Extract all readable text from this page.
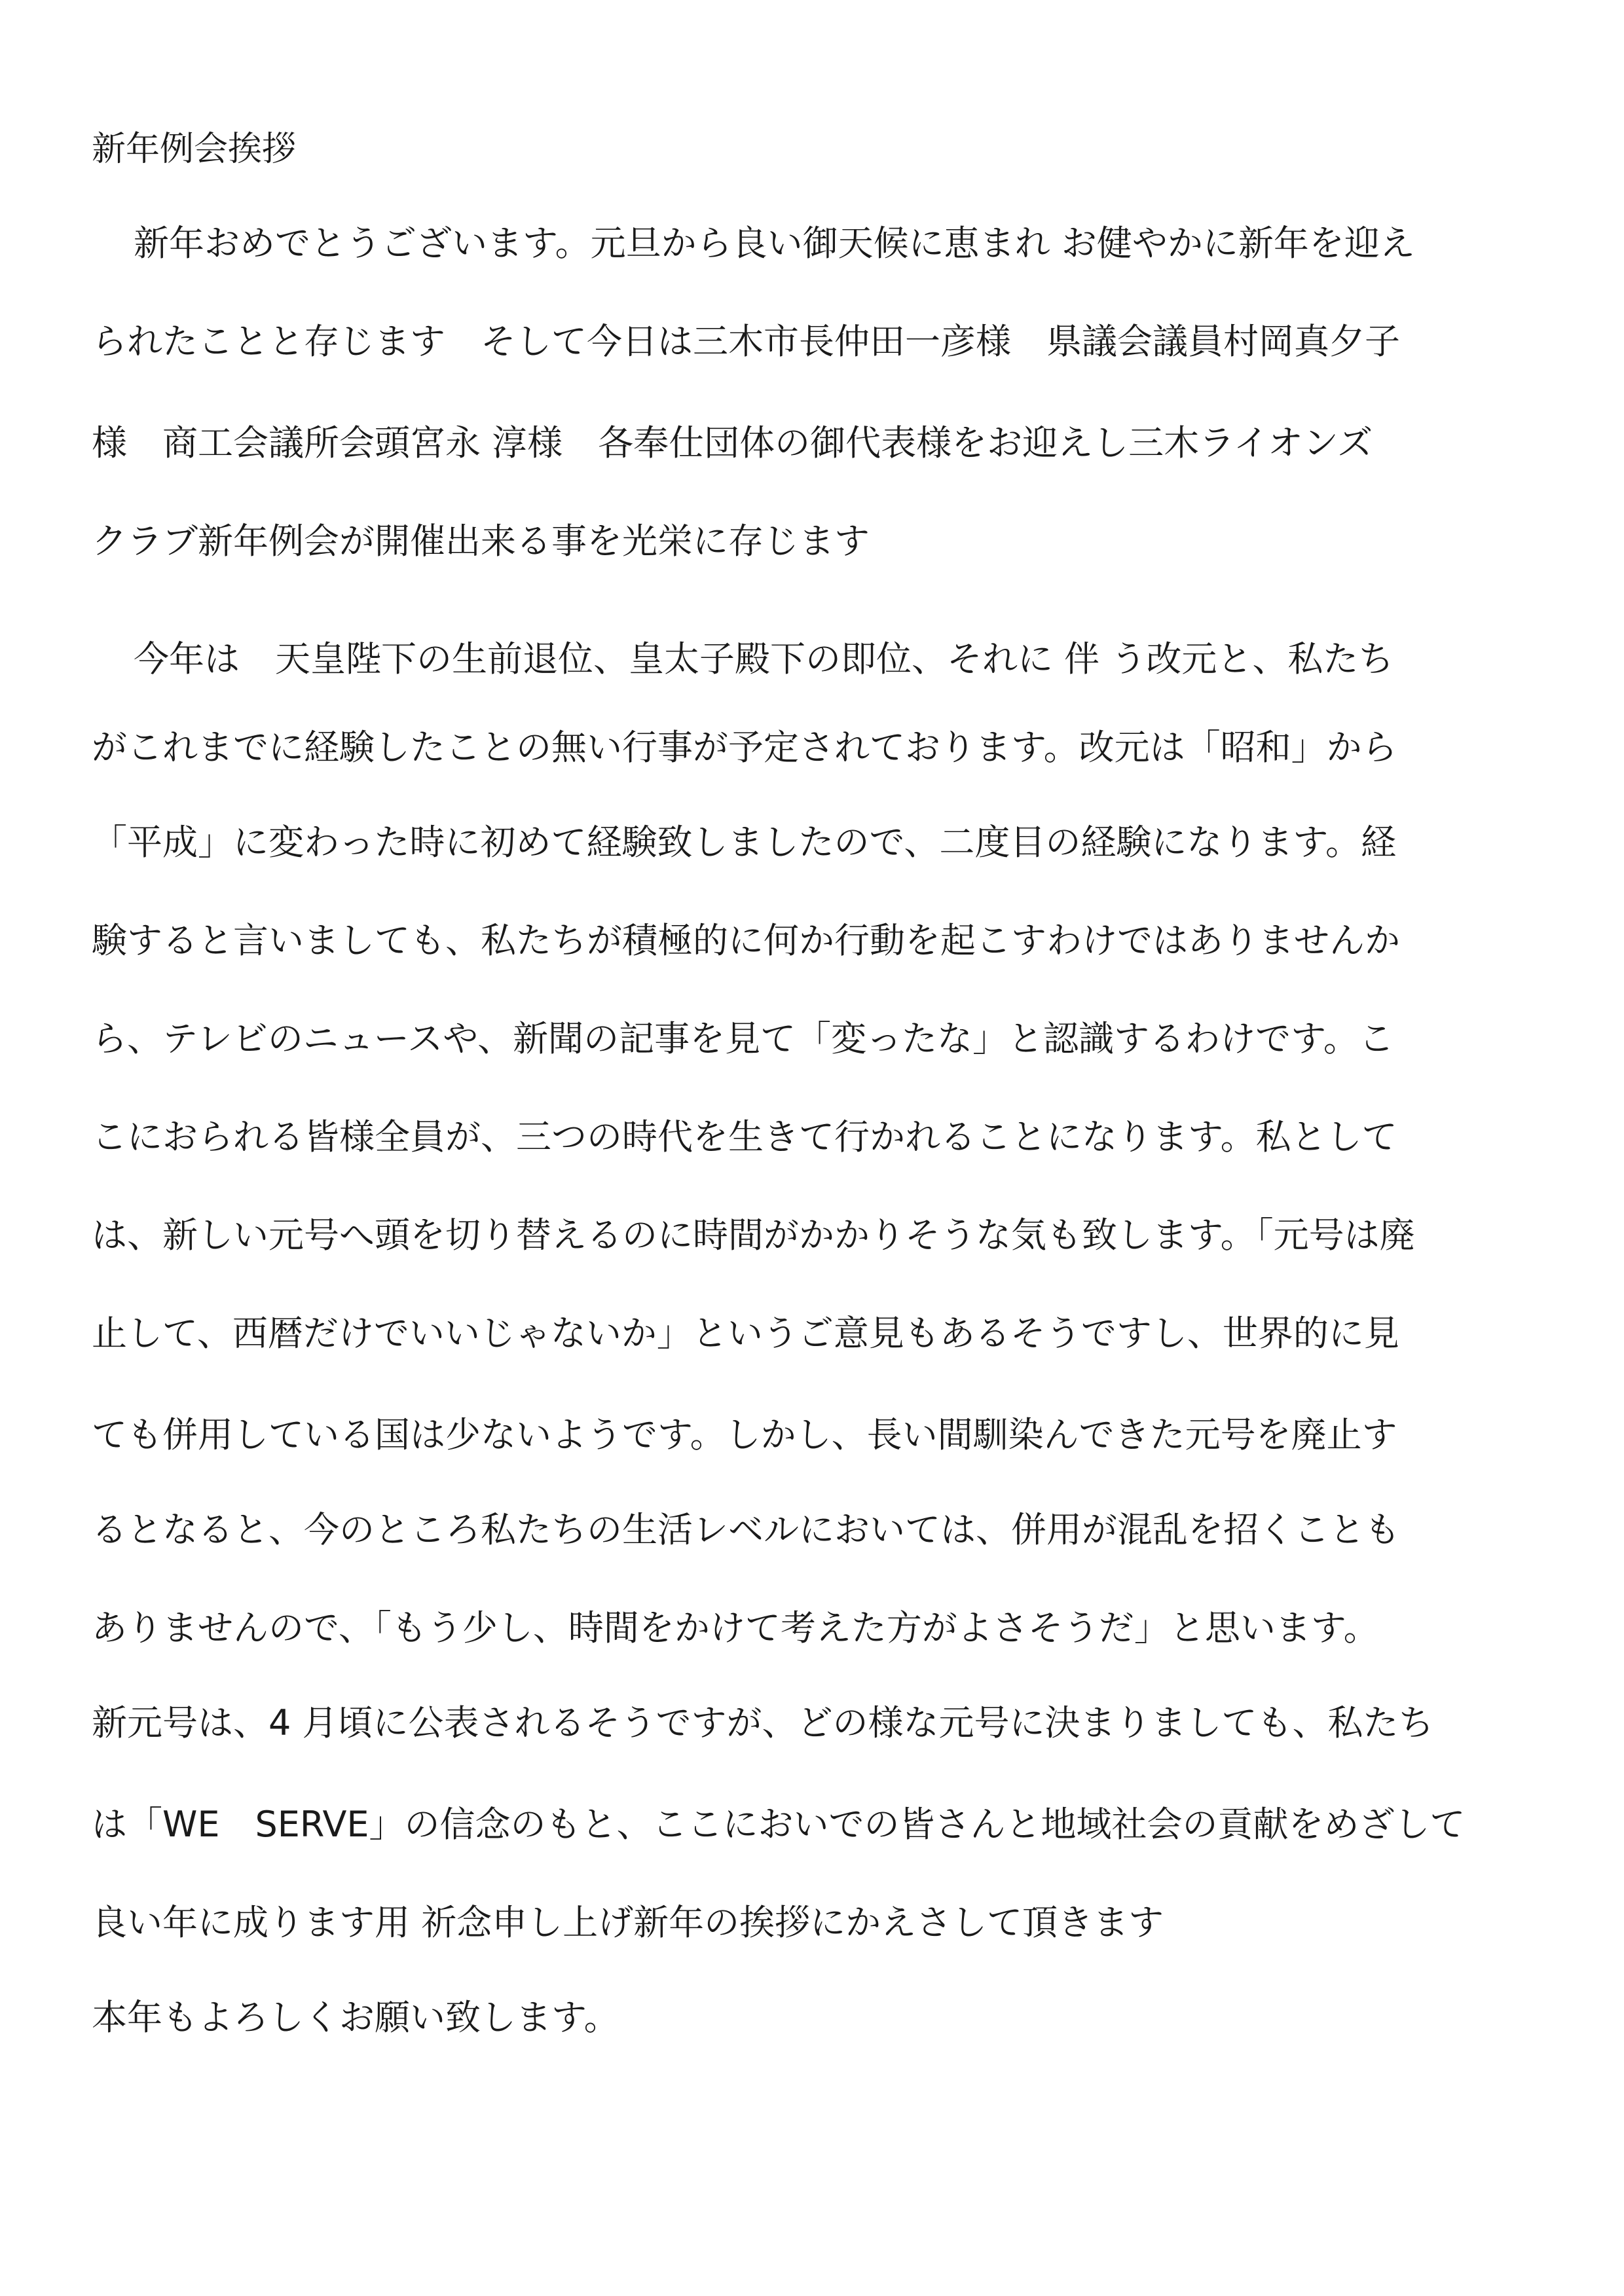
新年例会挨拶
新年おめでとうございます。元旦から良い御天候に恵まれ お健やかに新年を迎え
られたことと存じます　そして今日は三木市長仲田一彦様　県議会議員村岡真夕子
様　商工会議所会頭宮永 淳様　各奉仕団体の御代表様をお迎えし三木ライオンズ
クラブ新年例会が開催出来る事を光栄に存じます
今年は　天皇陛下の生前退位、皇太子殿下の即位、それに 伴 う改元と、私たち
がこれまでに経験したことの無い行事が予定されております。改元は「昭和」から
「平成」に変わった時に初めて経験致しましたので、二度目の経験になります。経
験すると言いましても、私たちが積極的に何か行動を起こすわけではありませんか
ら、テレビのニュースや、新聞の記事を見て「変ったな」と認識するわけです。こ
こにおられる皆様全員が、三つの時代を生きて行かれることになります。私として
は、新しい元号へ頭を切り替えるのに時間がかかりそうな気も致します。「元号は廃
止して、西暦だけでいいじゃないか」というご意見もあるそうですし、世界的に見
ても併用している国は少ないようです。しかし、長い間馴染んできた元号を廃止す
るとなると、今のところ私たちの生活レベルにおいては、併用が混乱を招くことも
ありませんので、「もう少し、時間をかけて考えた方がよさそうだ」と思います。
新元号は、4 月頃に公表されるそうですが、どの様な元号に決まりましても、私たち
は「WE　SERVE」の信念のもと、ここにおいでの皆さんと地域社会の貢献をめざして
良い年に成ります用 祈念申し上げ新年の挨拶にかえさして頂きます
本年もよろしくお願い致します。
